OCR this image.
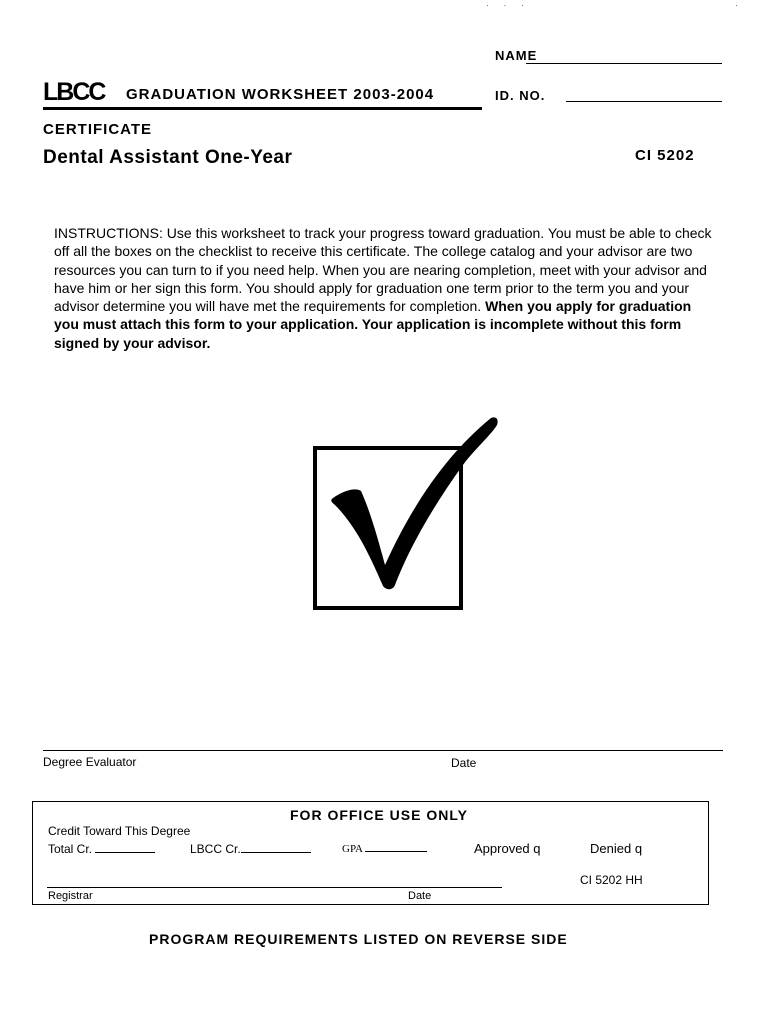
· · ·	·
NAME
LBCC GRADUATION WORKSHEET 2003-2004	ID. NO.
CERTIFICATE
Dental Assistant One-Year	CI 5202
INSTRUCTIONS: Use this worksheet to track your progress toward graduation. You must be able to check off all the boxes on the checklist to receive this certificate. The college catalog and your advisor are two resources you can turn to if you need help. When you are nearing completion, meet with your advisor and have him or her sign this form. You should apply for graduation one term prior to the term you and your advisor determine you will have met the requirements for completion. When you apply for graduation you must attach this form to your application. Your application is incomplete without this form signed by your advisor.
Degree Evaluator	Date
FOR OFFICE USE ONLY
Credit Toward This Degree
Total Cr.	LBCC Cr.	GPA	Approved q	Denied q
CI 5202 HH
Registrar	Date
PROGRAM REQUIREMENTS LISTED ON REVERSE SIDE
